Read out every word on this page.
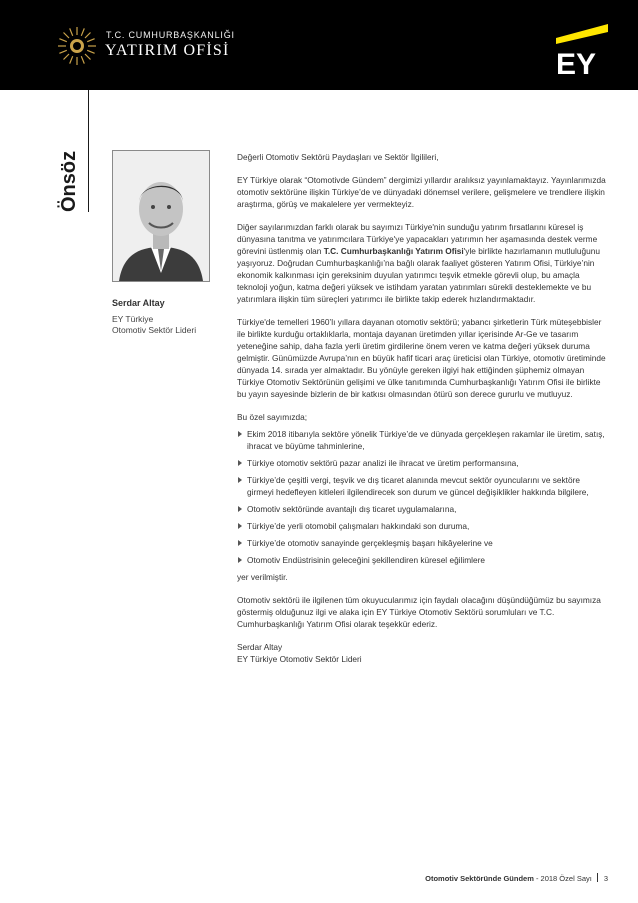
T.C. CUMHURBAŞKANLIĞI
YATIRIM OFİSİ	EY
Önsöz
Serdar Altay
EY Türkiye
Otomotiv Sektör Lideri

Değerli Otomotiv Sektörü Paydaşları ve Sektör İlgilileri,

EY Türkiye olarak “Otomotivde Gündem” dergimizi yıllardır aralıksız yayınlamaktayız. Yayınlarımızda otomotiv sektörüne ilişkin Türkiye’de ve dünyadaki dönemsel verilere, gelişmelere ve trendlere ilişkin araştırma, görüş ve makalelere yer vermekteyiz.

Diğer sayılarımızdan farklı olarak bu sayımızı Türkiye'nin sunduğu yatırım fırsatlarını küresel iş dünyasına tanıtma ve yatırımcılara Türkiye'ye yapacakları yatırımın her aşamasında destek verme görevini üstlenmiş olan T.C. Cumhurbaşkanlığı Yatırım Ofisi'yle birlikte hazırlamanın mutluluğunu yaşıyoruz. Doğrudan Cumhurbaşkanlığı’na bağlı olarak faaliyet gösteren Yatırım Ofisi, Türkiye’nin ekonomik kalkınması için gereksinim duyulan yatırımcı teşvik etmekle görevli olup, bu amaçla teknoloji yoğun, katma değeri yüksek ve istihdam yaratan yatırımları sürekli desteklemekte ve bu yatırımlara ilişkin tüm süreçleri yatırımcı ile birlikte takip ederek hızlandırmaktadır.

Türkiye'de temelleri 1960’lı yıllara dayanan otomotiv sektörü; yabancı şirketlerin Türk müteşebbisler ile birlikte kurduğu ortaklıklarla, montaja dayanan üretimden yıllar içerisinde Ar-Ge ve tasarım yeteneğine sahip, daha fazla yerli üretim girdilerine önem veren ve katma değeri yüksek duruma gelmiştir. Günümüzde Avrupa’nın en büyük hafif ticari araç üreticisi olan Türkiye, otomotiv üretiminde dünyada 14. sırada yer almaktadır. Bu yönüyle gereken ilgiyi hak ettiğinden şüphemiz olmayan Türkiye Otomotiv Sektörünün gelişimi ve ülke tanıtımında Cumhurbaşkanlığı Yatırım Ofisi ile birlikte bu yayın sayesinde bizlerin de bir katkısı olmasından ötürü son derece gururlu ve mutluyuz.

Bu özel sayımızda;

Ekim 2018 itibarıyla sektöre yönelik Türkiye’de ve dünyada gerçekleşen rakamlar ile üretim, satış, ihracat ve büyüme tahminlerine,
Türkiye otomotiv sektörü pazar analizi ile ihracat ve üretim performansına,
Türkiye’de çeşitli vergi, teşvik ve dış ticaret alanında mevcut sektör oyuncularını ve sektöre girmeyi hedefleyen kitleleri ilgilendirecek son durum ve güncel değişiklikler hakkında bilgilere,
Otomotiv sektöründe avantajlı dış ticaret uygulamalarına,
Türkiye’de yerli otomobil çalışmaları hakkındaki son duruma,
Türkiye’de otomotiv sanayinde gerçekleşmiş başarı hikâyelerine ve
Otomotiv Endüstrisinin geleceğini şekillendiren küresel eğilimlere

yer verilmiştir.

Otomotiv sektörü ile ilgilenen tüm okuyucularımız için faydalı olacağını düşündüğümüz bu sayımıza göstermiş olduğunuz ilgi ve alaka için EY Türkiye Otomotiv Sektörü sorumluları ve T.C. Cumhurbaşkanlığı Yatırım Ofisi olarak teşekkür ederiz.

Serdar Altay

EY Türkiye Otomotiv Sektör Lideri

Otomotiv Sektöründe Gündem - 2018 Özel Sayı 3
